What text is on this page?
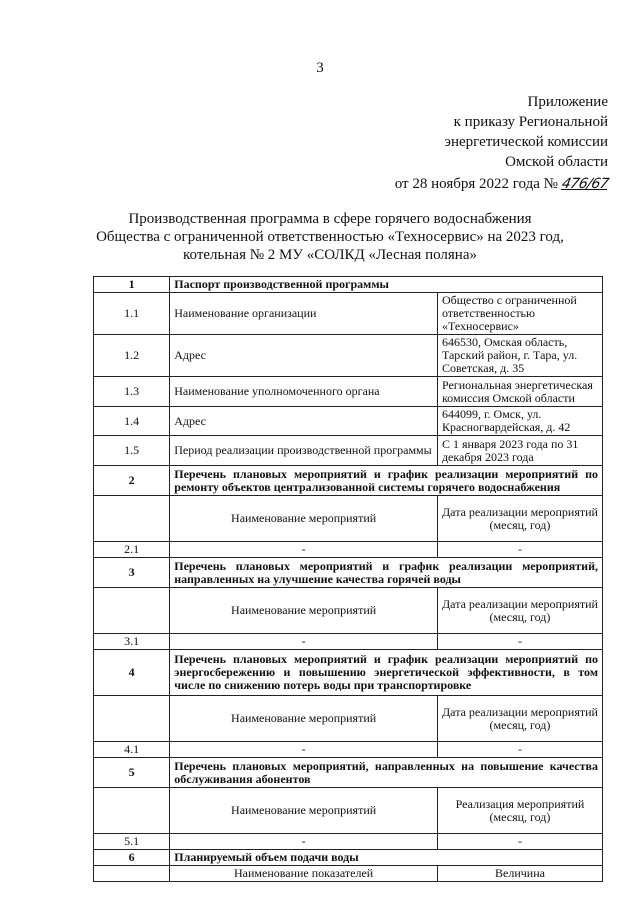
3
Приложение
к приказу Региональной
энергетической комиссии
Омской области
от 28 ноября 2022 года № 476/67
Производственная программа в сфере горячего водоснабжения
Общества с ограниченной ответственностью «Техносервис» на 2023 год,
котельная № 2 МУ «СОЛКД «Лесная поляна»
1	Паспорт производственной программы	
1.1	Наименование организации	Общество с ограниченной ответственностью «Техносервис»
1.2	Адрес	646530, Омская область, Тарский район, г. Тара, ул. Советская, д. 35
1.3	Наименование уполномоченного органа	Региональная энергетическая комиссия Омской области
1.4	Адрес	644099, г. Омск, ул. Красногвардейская, д. 42
1.5	Период реализации производственной программы	С 1 января 2023 года по 31 декабря 2023 года
2	Перечень плановых мероприятий и график реализации мероприятий по ремонту объектов централизованной системы горячего водоснабжения	
	Наименование мероприятий	Дата реализации мероприятий (месяц, год)
2.1	-	-
3	Перечень плановых мероприятий и график реализации мероприятий, направленных на улучшение качества горячей воды	
	Наименование мероприятий	Дата реализации мероприятий (месяц, год)
3.1	-	-
4	Перечень плановых мероприятий и график реализации мероприятий по энергосбережению и повышению энергетической эффективности, в том числе по снижению потерь воды при транспортировке	
	Наименование мероприятий	Дата реализации мероприятий (месяц, год)
4.1	-	-
5	Перечень плановых мероприятий, направленных на повышение качества обслуживания абонентов	
	Наименование мероприятий	Реализация мероприятий (месяц, год)
5.1	-	-
6	Планируемый объем подачи воды	
	Наименование показателей	Величина
